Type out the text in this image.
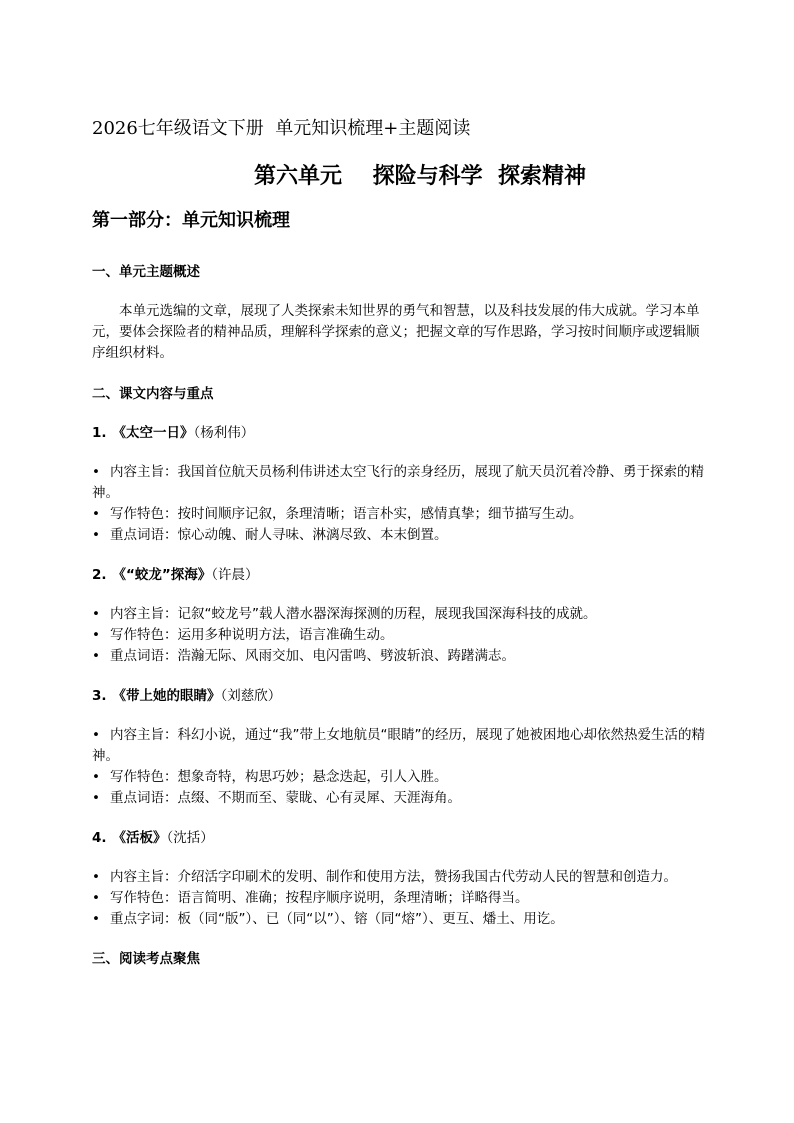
2026七年级语文下册  单元知识梳理+主题阅读
第六单元    探险与科学  探索精神
第一部分：单元知识梳理
一、单元主题概述

本单元选编的文章，展现了人类探索未知世界的勇气和智慧，以及科技发展的伟大成就。学习本单元，要体会探险者的精神品质，理解科学探索的意义；把握文章的写作思路，学习按时间顺序或逻辑顺序组织材料。

二、课文内容与重点
1. 《太空一日》（杨利伟）
• 内容主旨：我国首位航天员杨利伟讲述太空飞行的亲身经历，展现了航天员沉着冷静、勇于探索的精神。
• 写作特色：按时间顺序记叙，条理清晰；语言朴实，感情真挚；细节描写生动。
• 重点词语：惊心动魄、耐人寻味、淋漓尽致、本末倒置。
2. 《“蛟龙”探海》（许晨）
• 内容主旨：记叙“蛟龙号”载人潜水器深海探测的历程，展现我国深海科技的成就。
• 写作特色：运用多种说明方法，语言准确生动。
• 重点词语：浩瀚无际、风雨交加、电闪雷鸣、劈波斩浪、踌躇满志。
3. 《带上她的眼睛》（刘慈欣）
• 内容主旨：科幻小说，通过“我”带上女地航员“眼睛”的经历，展现了她被困地心却依然热爱生活的精神。
• 写作特色：想象奇特，构思巧妙；悬念迭起，引人入胜。
• 重点词语：点缀、不期而至、蒙眬、心有灵犀、天涯海角。
4. 《活板》（沈括）
• 内容主旨：介绍活字印刷术的发明、制作和使用方法，赞扬我国古代劳动人民的智慧和创造力。
• 写作特色：语言简明、准确；按程序顺序说明，条理清晰；详略得当。
• 重点字词：板（同“版”）、已（同“以”）、镕（同“熔”）、更互、燔土、用讫。
三、阅读考点聚焦
